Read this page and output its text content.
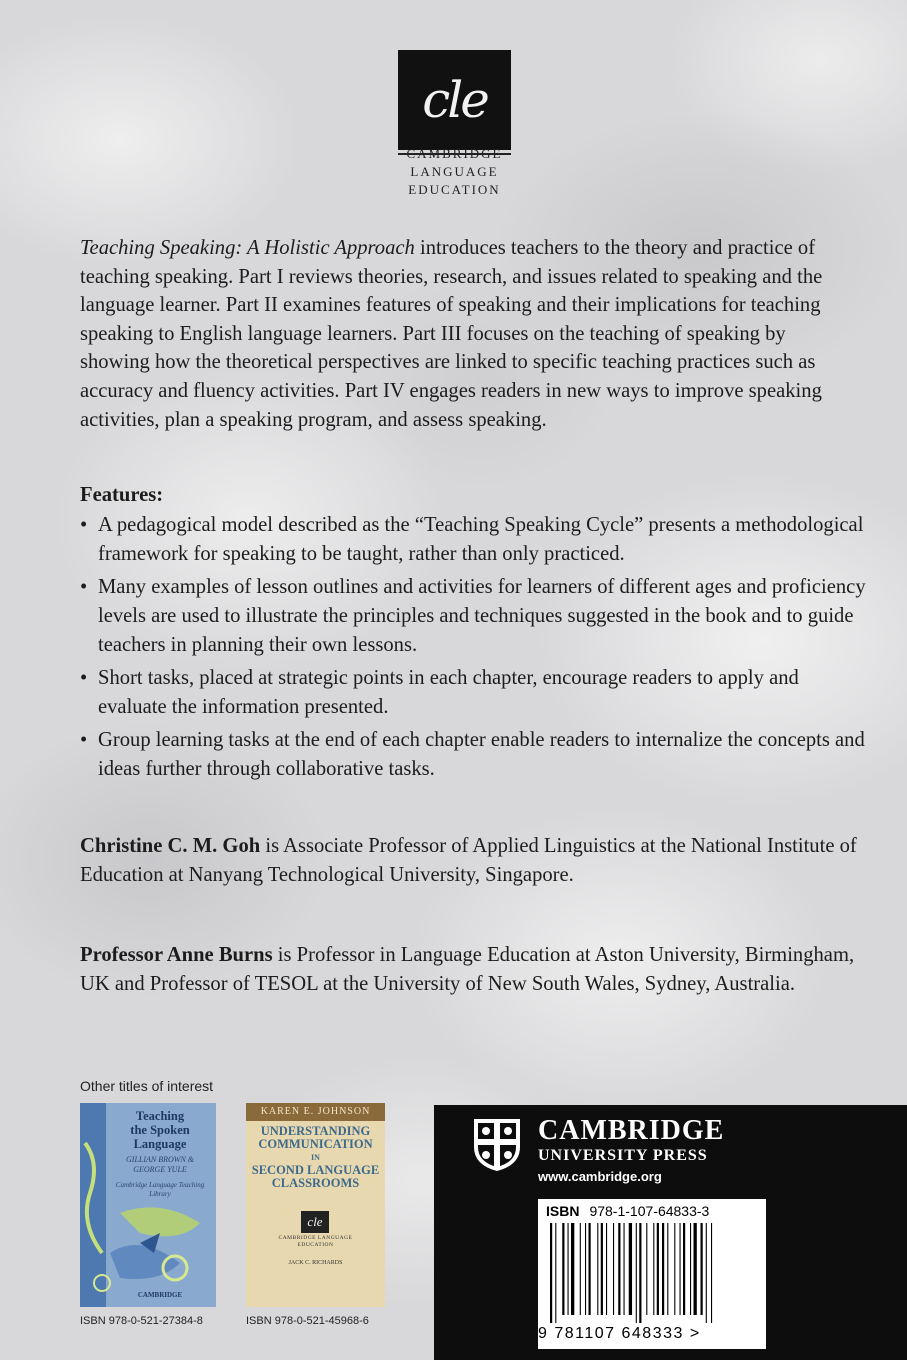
cle
CAMBRIDGE
LANGUAGE
EDUCATION

Teaching Speaking: A Holistic Approach introduces teachers to the theory and practice of teaching speaking. Part I reviews theories, research, and issues related to speaking and the language learner. Part II examines features of speaking and their implications for teaching speaking to English language learners. Part III focuses on the teaching of speaking by showing how the theoretical perspectives are linked to specific teaching practices such as accuracy and fluency activities. Part IV engages readers in new ways to improve speaking activities, plan a speaking program, and assess speaking.

Features:

• A pedagogical model described as the “Teaching Speaking Cycle” presents a methodological framework for speaking to be taught, rather than only practiced.
• Many examples of lesson outlines and activities for learners of different ages and proficiency levels are used to illustrate the principles and techniques suggested in the book and to guide teachers in planning their own lessons.
• Short tasks, placed at strategic points in each chapter, encourage readers to apply and evaluate the information presented.
• Group learning tasks at the end of each chapter enable readers to internalize the concepts and ideas further through collaborative tasks.

Christine C. M. Goh is Associate Professor of Applied Linguistics at the National Institute of Education at Nanyang Technological University, Singapore.

Professor Anne Burns is Professor in Language Education at Aston University, Birmingham, UK and Professor of TESOL at the University of New South Wales, Sydney, Australia.

Other titles of interest
Teaching
the Spoken
Language
GILLIAN BROWN & GEORGE YULE
Cambridge Language Teaching Library
CAMBRIDGE
ISBN 978-0-521-27384-8
KAREN E. JOHNSON
UNDERSTANDING
COMMUNICATION
IN
SECOND LANGUAGE
CLASSROOMS
cle
CAMBRIDGE LANGUAGE EDUCATION
JACK C. RICHARDS
ISBN 978-0-521-45968-6
CAMBRIDGE
UNIVERSITY PRESS
www.cambridge.org
ISBN 978-1-107-64833-3
9 781107 648333 >
